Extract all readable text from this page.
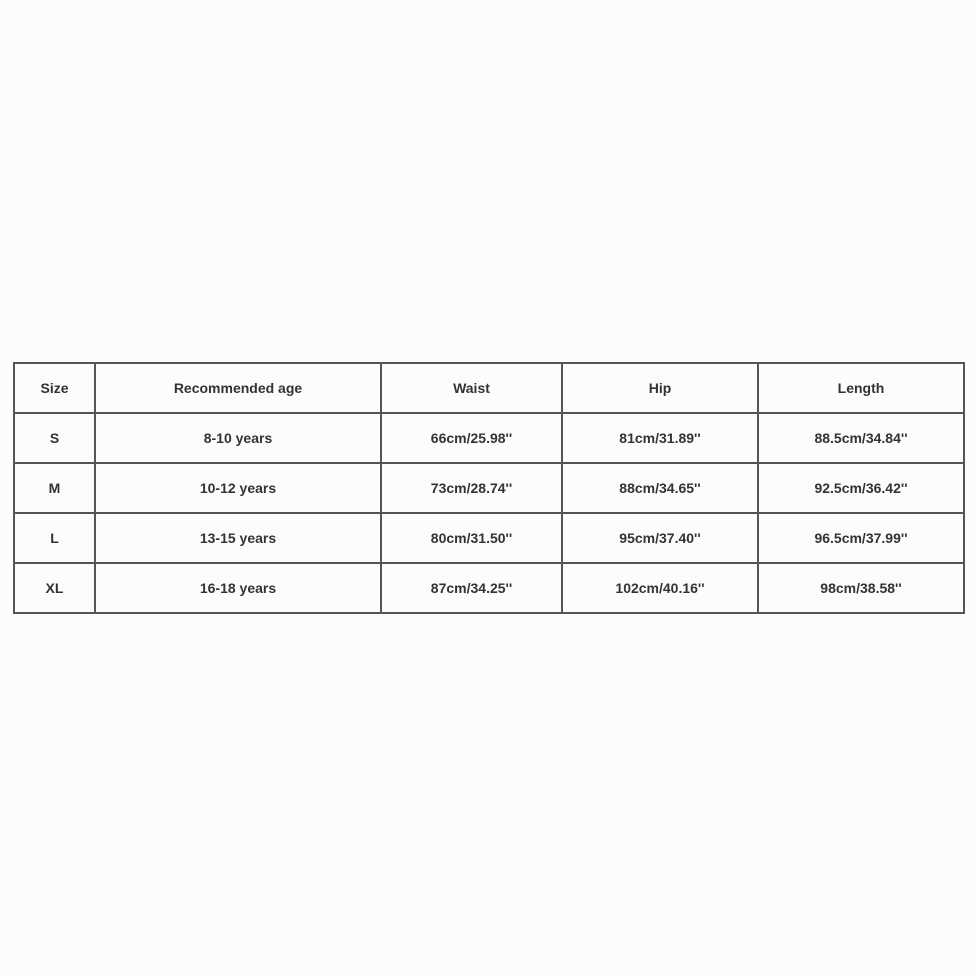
Size	Recommended age	Waist	Hip	Length
S	8-10 years	66cm/25.98''	81cm/31.89''	88.5cm/34.84''
M	10-12 years	73cm/28.74''	88cm/34.65''	92.5cm/36.42''
L	13-15 years	80cm/31.50''	95cm/37.40''	96.5cm/37.99''
XL	16-18 years	87cm/34.25''	102cm/40.16''	98cm/38.58''
